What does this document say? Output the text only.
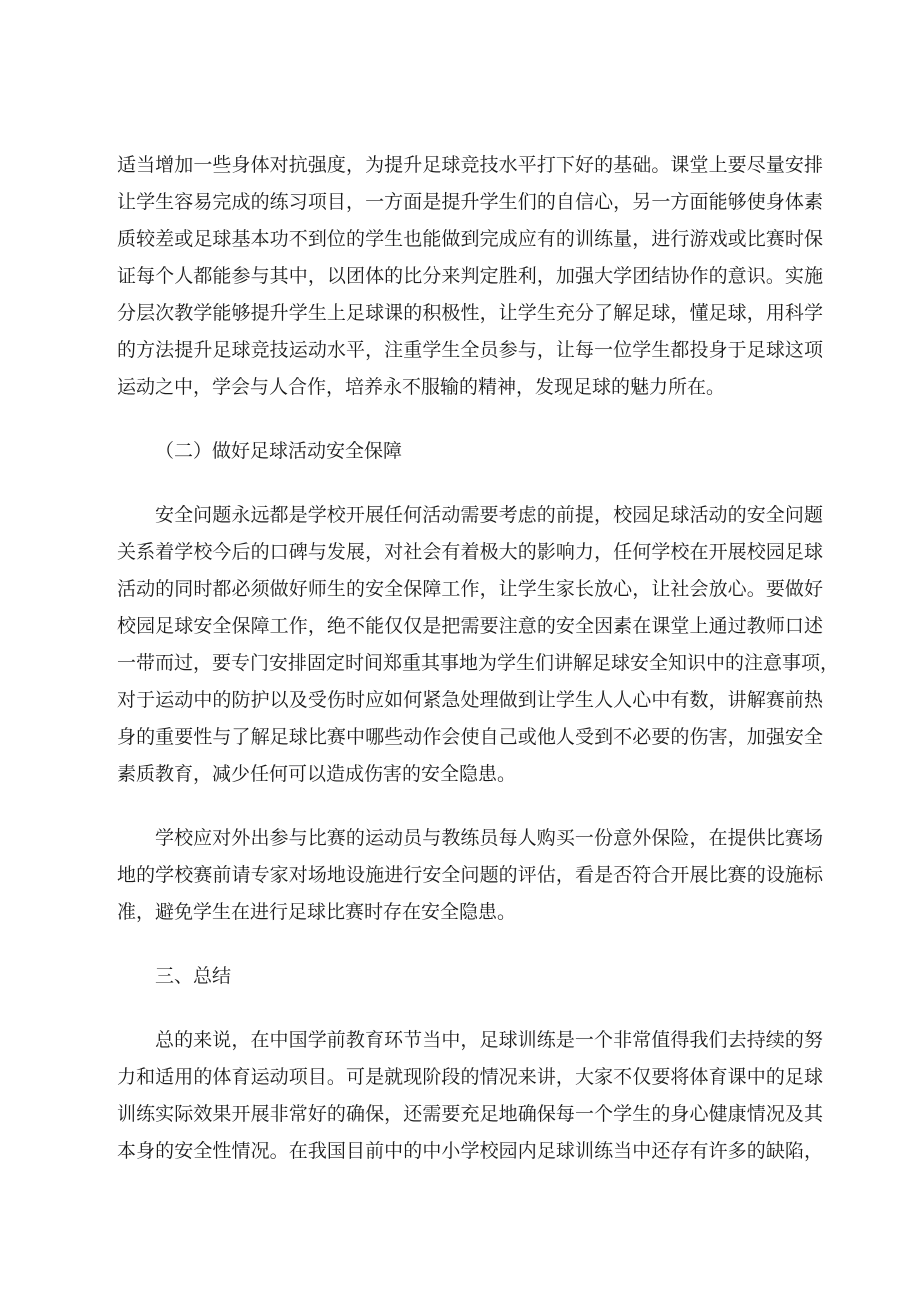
适当增加一些身体对抗强度，为提升足球竞技水平打下好的基础。课堂上要尽量安排
让学生容易完成的练习项目，一方面是提升学生们的自信心，另一方面能够使身体素
质较差或足球基本功不到位的学生也能做到完成应有的训练量，进行游戏或比赛时保
证每个人都能参与其中，以团体的比分来判定胜利，加强大学团结协作的意识。实施
分层次教学能够提升学生上足球课的积极性，让学生充分了解足球，懂足球，用科学
的方法提升足球竞技运动水平，注重学生全员参与，让每一位学生都投身于足球这项
运动之中，学会与人合作，培养永不服输的精神，发现足球的魅力所在。
（二）做好足球活动安全保障
安全问题永远都是学校开展任何活动需要考虑的前提，校园足球活动的安全问题
关系着学校今后的口碑与发展，对社会有着极大的影响力，任何学校在开展校园足球
活动的同时都必须做好师生的安全保障工作，让学生家长放心，让社会放心。要做好
校园足球安全保障工作，绝不能仅仅是把需要注意的安全因素在课堂上通过教师口述
一带而过，要专门安排固定时间郑重其事地为学生们讲解足球安全知识中的注意事项，
对于运动中的防护以及受伤时应如何紧急处理做到让学生人人心中有数，讲解赛前热
身的重要性与了解足球比赛中哪些动作会使自己或他人受到不必要的伤害，加强安全
素质教育，减少任何可以造成伤害的安全隐患。
学校应对外出参与比赛的运动员与教练员每人购买一份意外保险，在提供比赛场
地的学校赛前请专家对场地设施进行安全问题的评估，看是否符合开展比赛的设施标
准，避免学生在进行足球比赛时存在安全隐患。
三、总结
总的来说，在中国学前教育环节当中，足球训练是一个非常值得我们去持续的努
力和适用的体育运动项目。可是就现阶段的情况来讲，大家不仅要将体育课中的足球
训练实际效果开展非常好的确保，还需要充足地确保每一个学生的身心健康情况及其
本身的安全性情况。在我国目前中的中小学校园内足球训练当中还存有许多的缺陷，
